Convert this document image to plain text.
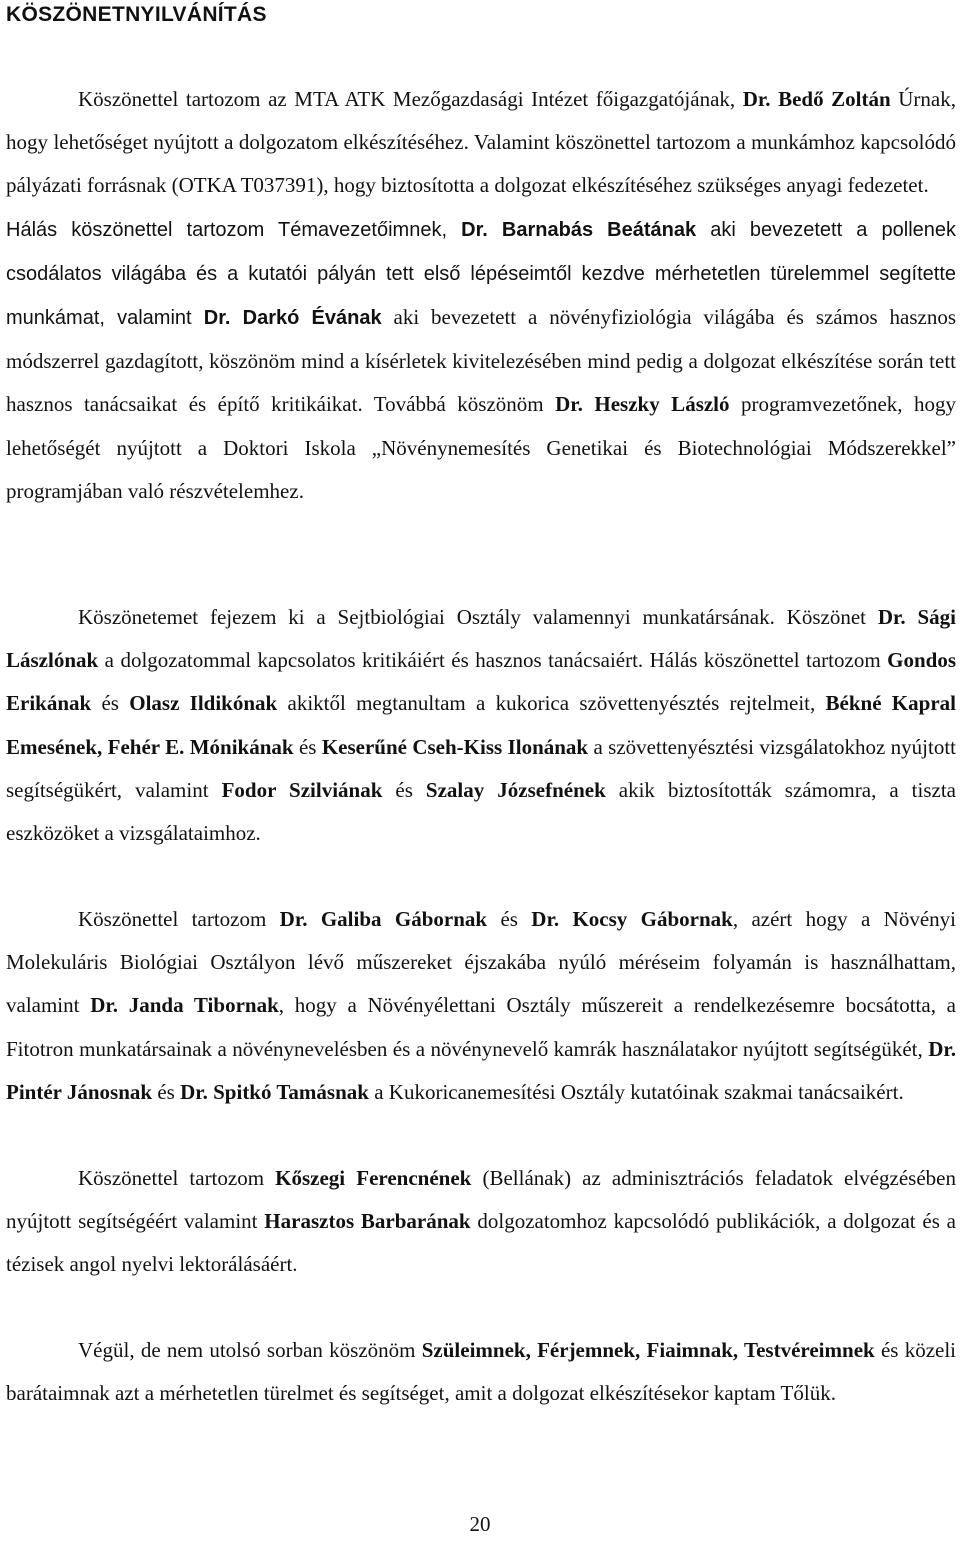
KÖSZÖNETNYILVÁNÍTÁS

Köszönettel tartozom az MTA ATK Mezőgazdasági Intézet főigazgatójának, Dr. Bedő Zoltán Úrnak, hogy lehetőséget nyújtott a dolgozatom elkészítéséhez. Valamint köszönettel tartozom a munkámhoz kapcsolódó pályázati forrásnak (OTKA T037391), hogy biztosította a dolgozat elkészítéséhez szükséges anyagi fedezetet.
Hálás köszönettel tartozom Témavezetőimnek, Dr. Barnabás Beátának aki bevezetett a pollenek csodálatos világába és a kutatói pályán tett első lépéseimtől kezdve mérhetetlen türelemmel segítette munkámat, valamint Dr. Darkó Évának aki bevezetett a növényfiziológia világába és számos hasznos módszerrel gazdagított, köszönöm mind a kísérletek kivitelezésében mind pedig a dolgozat elkészítése során tett hasznos tanácsaikat és építő kritikáikat. Továbbá köszönöm Dr. Heszky László programvezetőnek, hogy lehetőségét nyújtott a Doktori Iskola „Növénynemesítés Genetikai és Biotechnológiai Módszerekkel” programjában való részvételemhez.

Köszönetemet fejezem ki a Sejtbiológiai Osztály valamennyi munkatársának. Köszönet Dr. Sági Lászlónak a dolgozatommal kapcsolatos kritikáiért és hasznos tanácsaiért. Hálás köszönettel tartozom Gondos Erikának és Olasz Ildikónak akiktől megtanultam a kukorica szövettenyésztés rejtelmeit, Békné Kapral Emesének, Fehér E. Mónikának és Keserűné Cseh-Kiss Ilonának a szövettenyésztési vizsgálatokhoz nyújtott segítségükért, valamint Fodor Szilviának és Szalay Józsefnének akik biztosították számomra, a tiszta eszközöket a vizsgálataimhoz.

Köszönettel tartozom Dr. Galiba Gábornak és Dr. Kocsy Gábornak, azért hogy a Növényi Molekuláris Biológiai Osztályon lévő műszereket éjszakába nyúló méréseim folyamán is használhattam, valamint Dr. Janda Tibornak, hogy a Növényélettani Osztály műszereit a rendelkezésemre bocsátotta, a Fitotron munkatársainak a növénynevelésben és a növénynevelő kamrák használatakor nyújtott segítségükét, Dr. Pintér Jánosnak és Dr. Spitkó Tamásnak a Kukoricanemesítési Osztály kutatóinak szakmai tanácsaikért.

Köszönettel tartozom Kőszegi Ferencnének (Bellának) az adminisztrációs feladatok elvégzésében nyújtott segítségéért valamint Harasztos Barbarának dolgozatomhoz kapcsolódó publikációk, a dolgozat és a tézisek angol nyelvi lektorálásáért.

Végül, de nem utolsó sorban köszönöm Szüleimnek, Férjemnek, Fiaimnak, Testvéreimnek és közeli barátaimnak azt a mérhetetlen türelmet és segítséget, amit a dolgozat elkészítésekor kaptam Tőlük.

20
